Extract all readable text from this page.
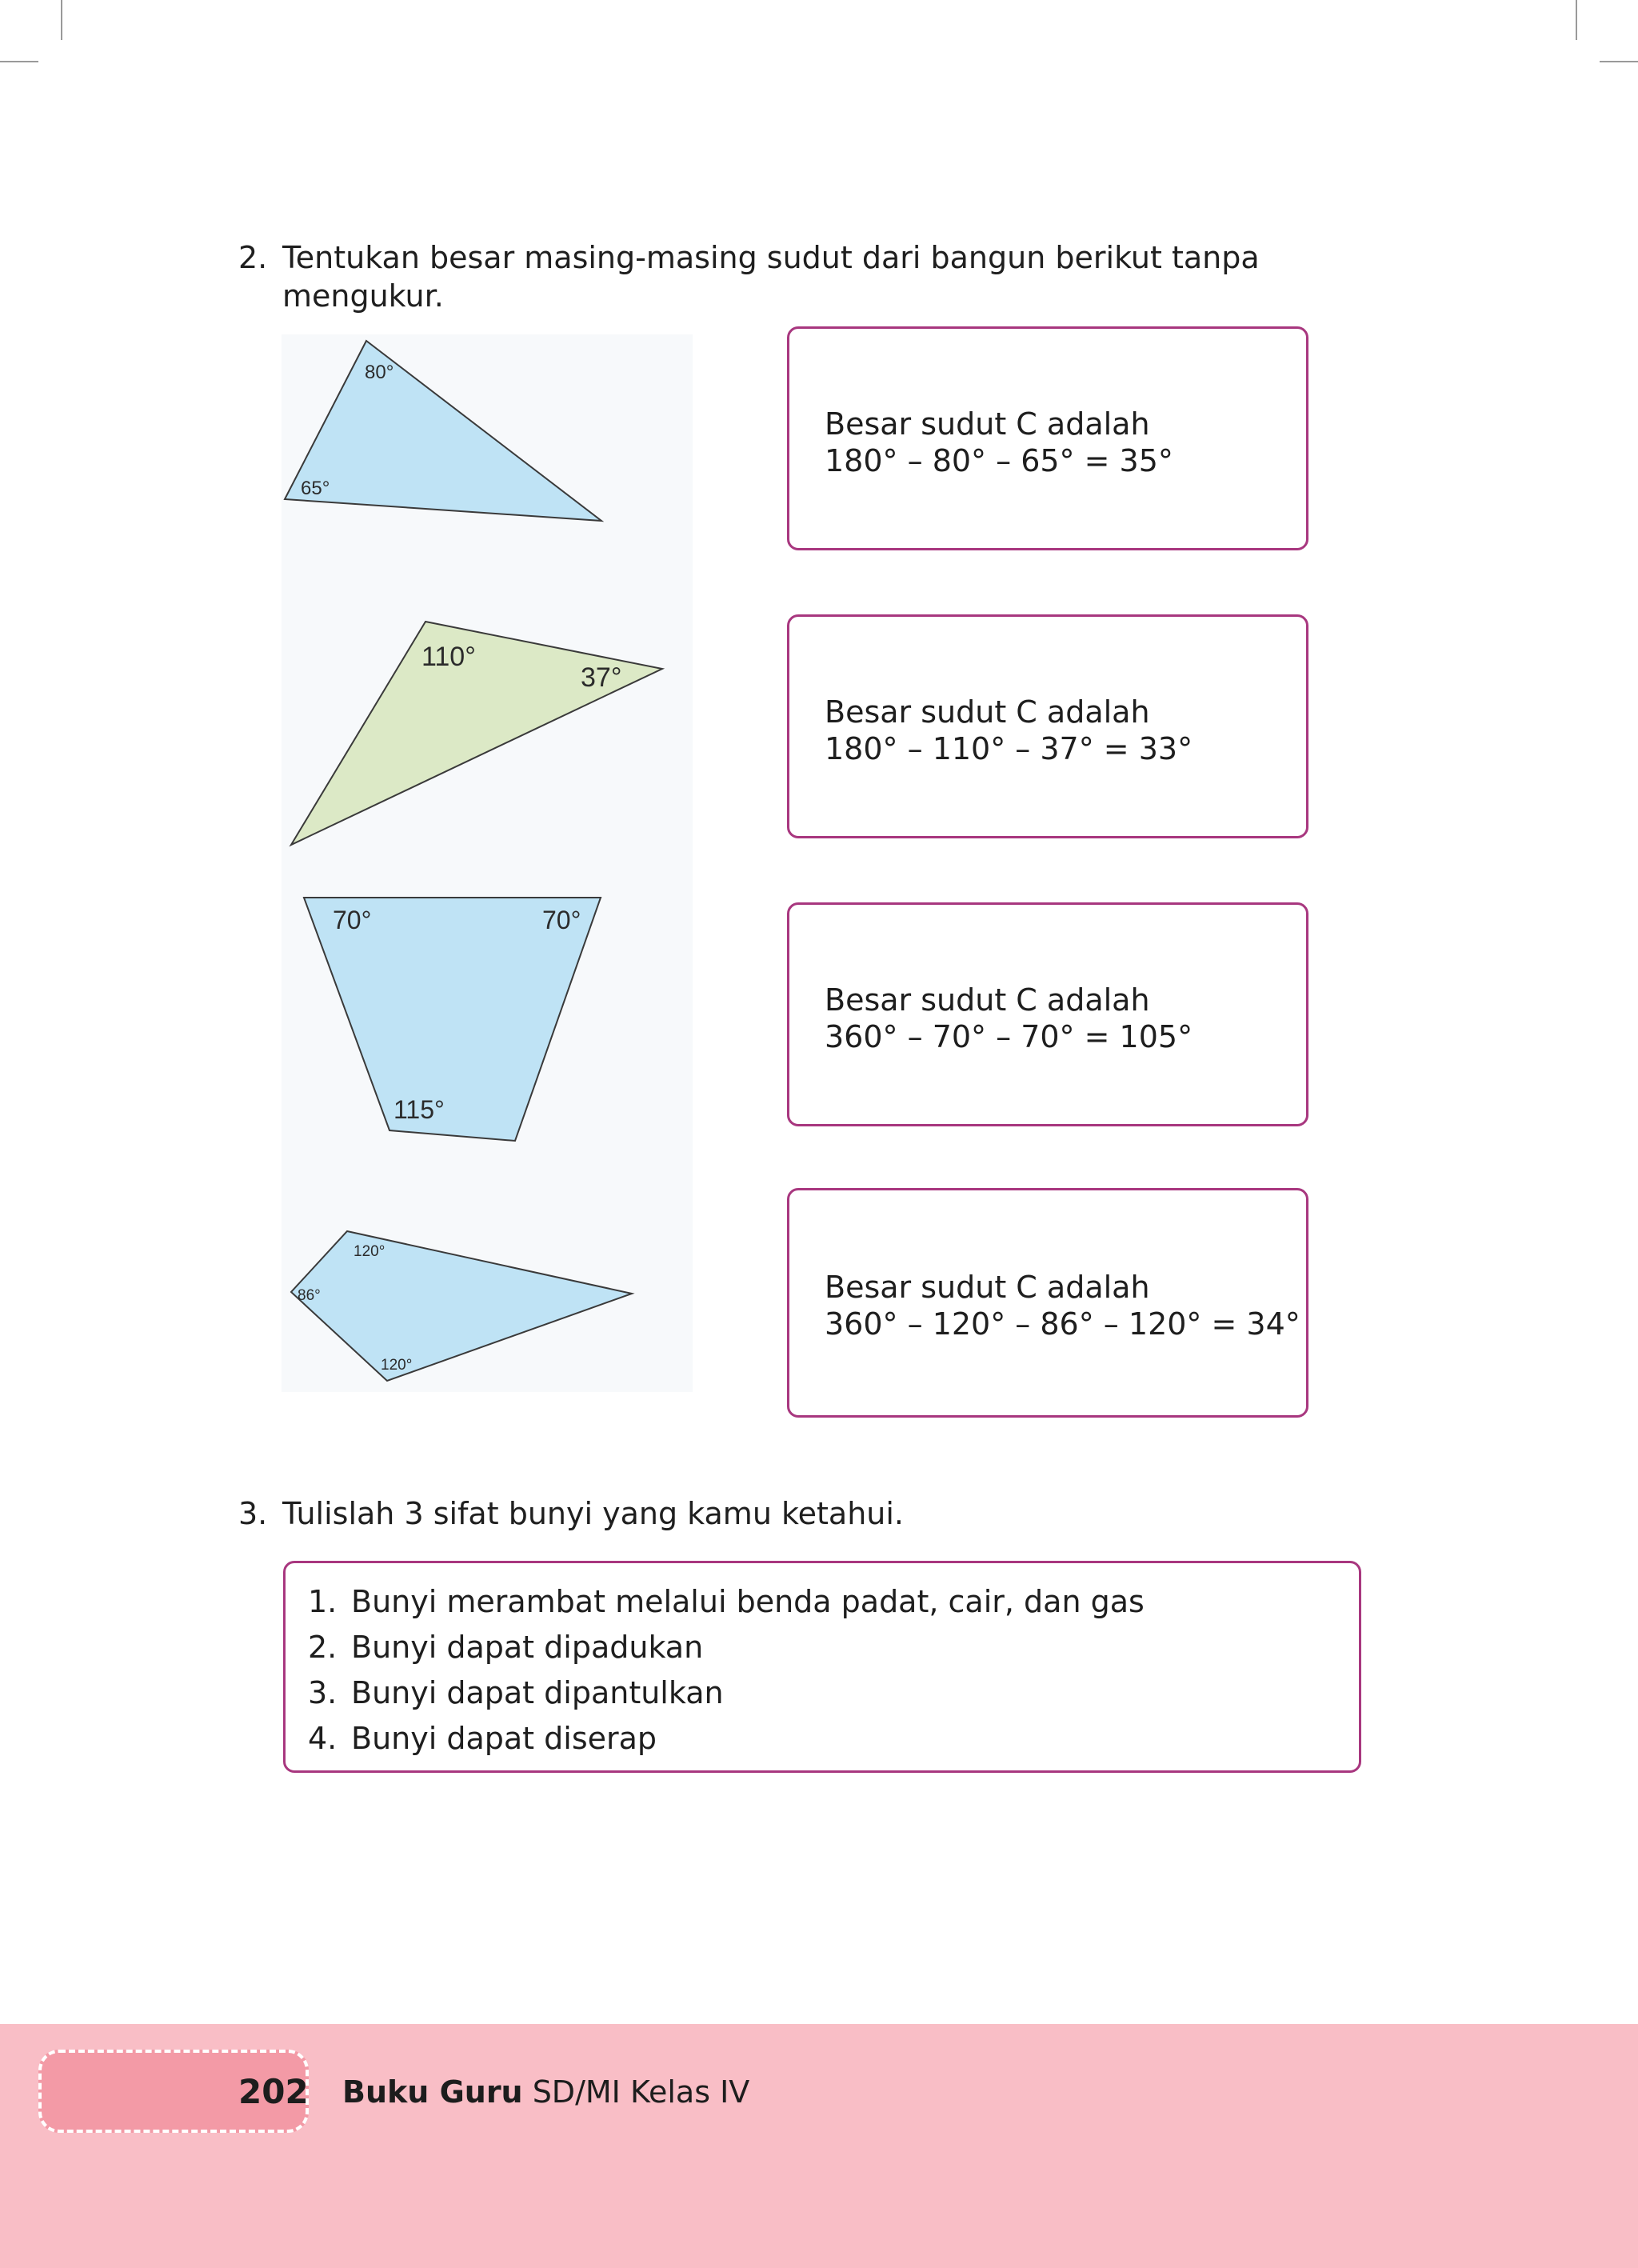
2. Tentukan besar masing-masing sudut dari bangun berikut tanpa
mengukur.
80°
65°
110°
37°
70°	70°
115°
120°
86°
120°
Besar sudut C adalah
180° – 80° – 65° = 35°
Besar sudut C adalah
180° – 110° – 37° = 33°
Besar sudut C adalah
360° – 70° – 70° = 105°
Besar sudut C adalah
360° – 120° – 86° – 120° = 34°
3. Tulislah 3 sifat bunyi yang kamu ketahui.
1. Bunyi merambat melalui benda padat, cair, dan gas
2. Bunyi dapat dipadukan
3. Bunyi dapat dipantulkan
4. Bunyi dapat diserap
202 Buku Guru SD/MI Kelas IV
